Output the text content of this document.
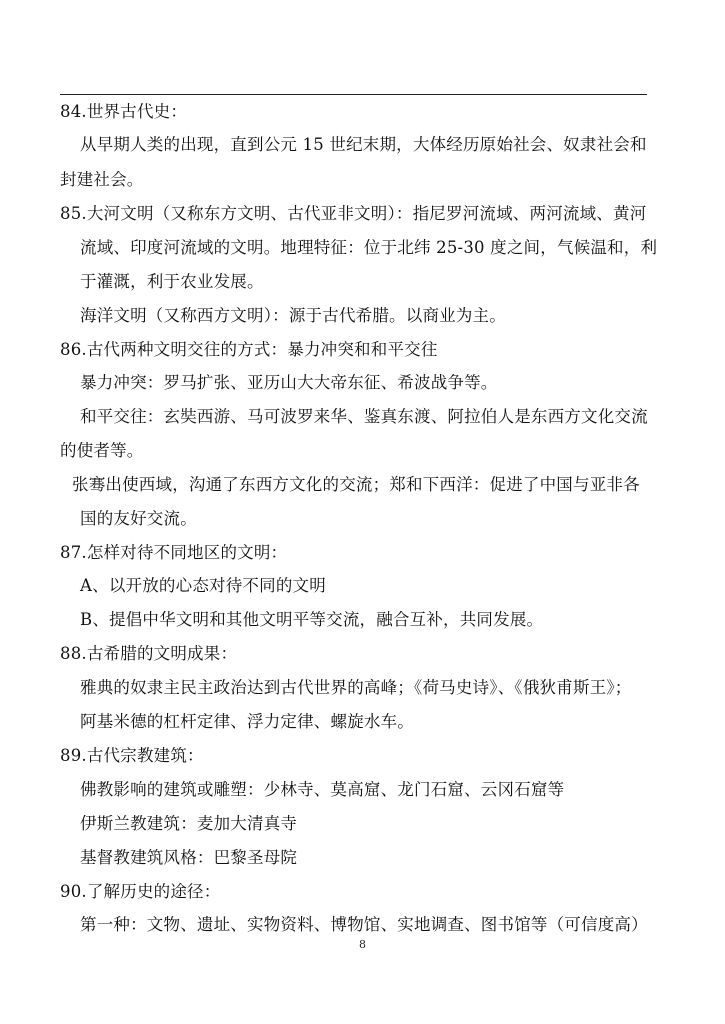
84.世界古代史：
从早期人类的出现，直到公元 15 世纪末期，大体经历原始社会、奴隶社会和
封建社会。
85.大河文明（又称东方文明、古代亚非文明）：指尼罗河流域、两河流域、黄河
流域、印度河流域的文明。地理特征：位于北纬 25-30 度之间，气候温和，利
于灌溉，利于农业发展。
海洋文明（又称西方文明）：源于古代希腊。以商业为主。
86.古代两种文明交往的方式：暴力冲突和和平交往
暴力冲突：罗马扩张、亚历山大大帝东征、希波战争等。
和平交往：玄奘西游、马可波罗来华、鉴真东渡、阿拉伯人是东西方文化交流
的使者等。
张骞出使西域，沟通了东西方文化的交流；郑和下西洋：促进了中国与亚非各
国的友好交流。
87.怎样对待不同地区的文明：
A、以开放的心态对待不同的文明
B、提倡中华文明和其他文明平等交流，融合互补，共同发展。
88.古希腊的文明成果：
雅典的奴隶主民主政治达到古代世界的高峰；《荷马史诗》、《俄狄甫斯王》；
阿基米德的杠杆定律、浮力定律、螺旋水车。
89.古代宗教建筑：
佛教影响的建筑或雕塑：少林寺、莫高窟、龙门石窟、云冈石窟等
伊斯兰教建筑：麦加大清真寺
基督教建筑风格：巴黎圣母院
90.了解历史的途径：
第一种：文物、遗址、实物资料、博物馆、实地调查、图书馆等（可信度高）
8
